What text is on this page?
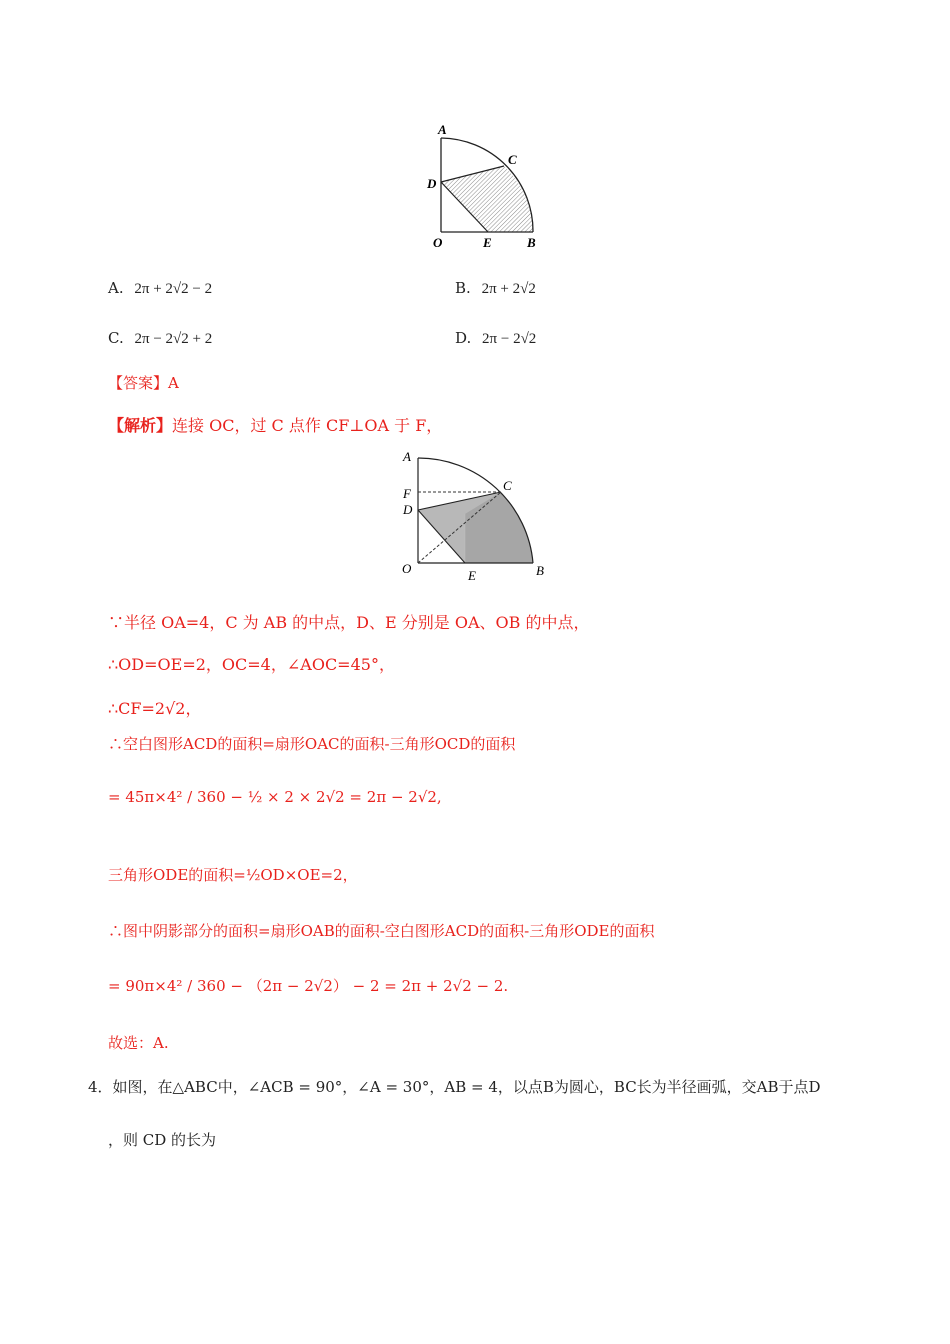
A
C
D
O	E	B
A. 2π + 2√2 − 2	B. 2π + 2√2
C. 2π − 2√2 + 2	D. 2π − 2√2
【答案】A
【解析】连接 OC，过 C 点作 CF⊥OA 于 F，
A
F
D
C
O	E	B
∵半径 OA=4，C 为 AB 的中点，D、E 分别是 OA、OB 的中点，
∴OD=OE=2，OC=4，∠AOC=45°，
∴CF=2√2，
∴空白图形ACD的面积=扇形OAC的面积-三角形OCD的面积
= 45π×4² / 360 − ½ × 2 × 2√2 = 2π − 2√2,
三角形ODE的面积=½OD×OE=2，
∴图中阴影部分的面积=扇形OAB的面积-空白图形ACD的面积-三角形ODE的面积
= 90π×4² / 360 − （2π − 2√2） − 2 = 2π + 2√2 − 2.
故选：A.
4．如图，在△ABC中，∠ACB = 90°，∠A = 30°，AB = 4，以点B为圆心，BC长为半径画弧，交AB于点D
，则 CD 的长为
